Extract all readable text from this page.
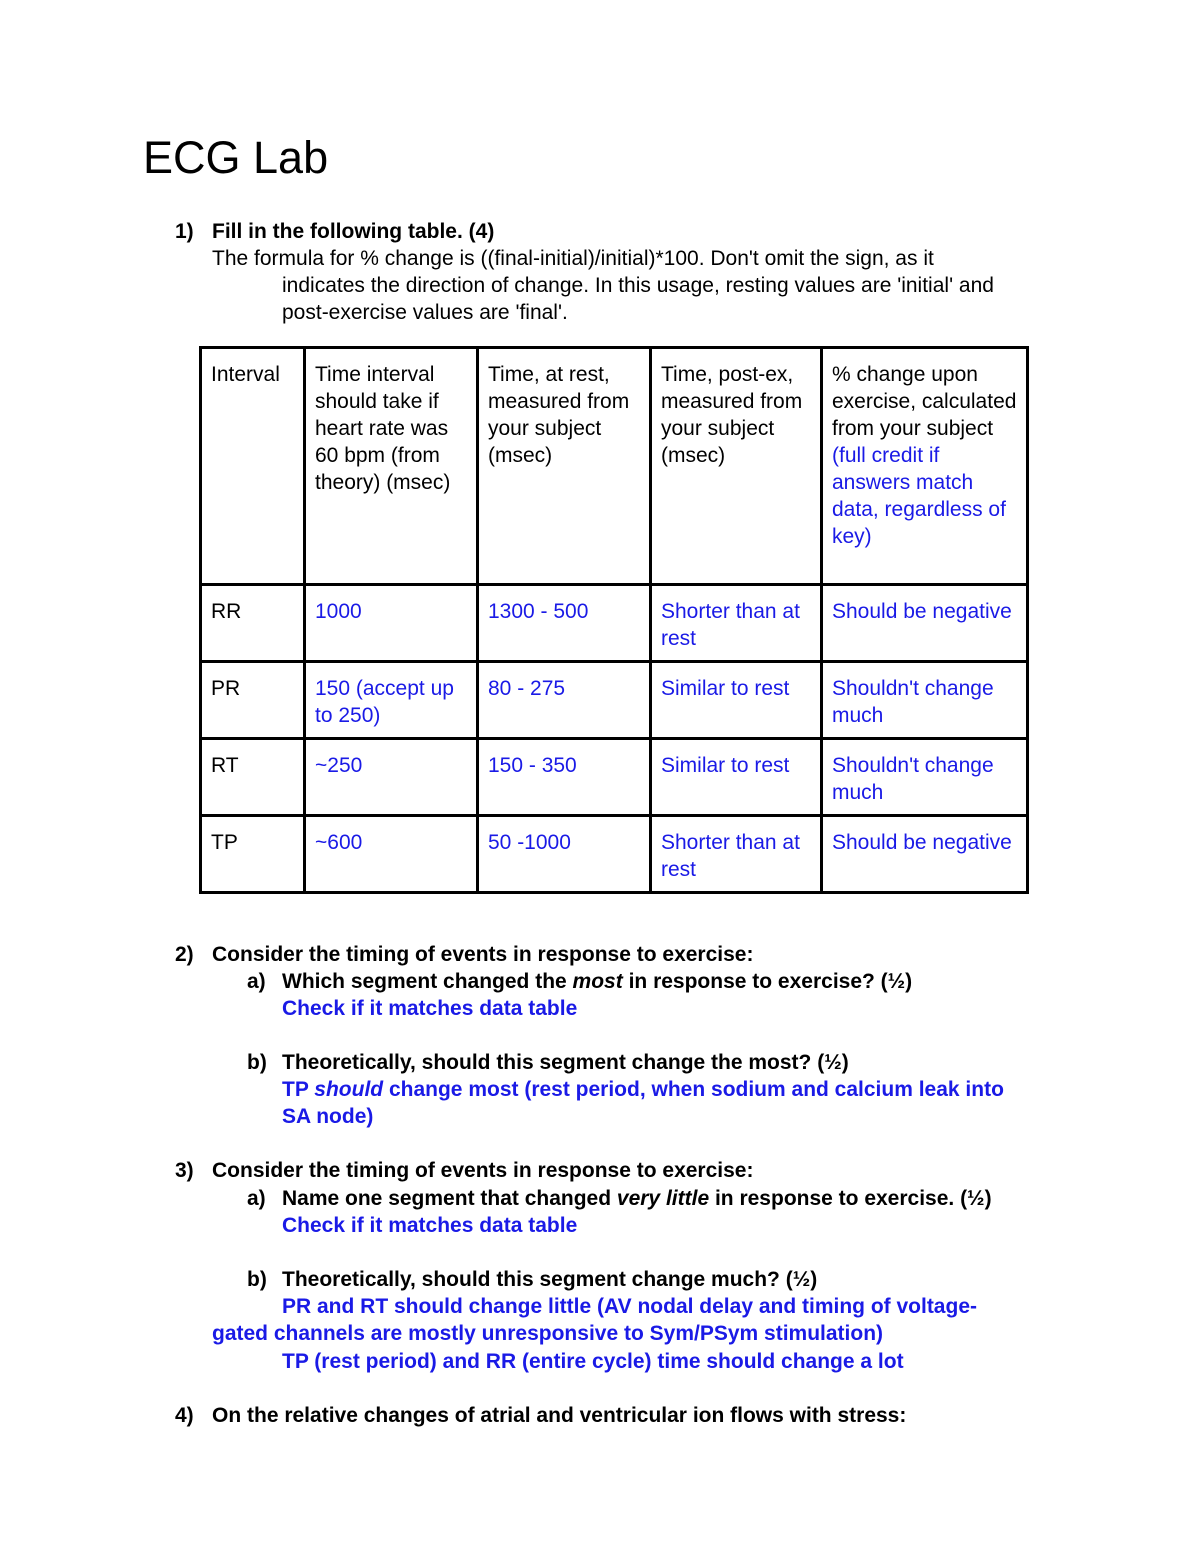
ECG Lab
1) Fill in the following table. (4)
The formula for % change is ((final-initial)/initial)*100. Don't omit the sign, as it
indicates the direction of change. In this usage, resting values are 'initial' and
post-exercise values are 'final'.
Interval	Time interval should take if heart rate was 60 bpm (from theory) (msec)	Time, at rest, measured from your subject (msec)	Time, post-ex, measured from your subject (msec)	% change upon exercise, calculated from your subject (full credit if answers match data, regardless of key)
RR	1000	1300 - 500	Shorter than at rest	Should be negative
PR	150 (accept up to 250)	80 - 275	Similar to rest	Shouldn't change much
RT	~250	150 - 350	Similar to rest	Shouldn't change much
TP	~600	50 -1000	Shorter than at rest	Should be negative
2) Consider the timing of events in response to exercise:
a) Which segment changed the most in response to exercise? (½)
Check if it matches data table
b) Theoretically, should this segment change the most? (½)
TP should change most (rest period, when sodium and calcium leak into
SA node)
3) Consider the timing of events in response to exercise:
a) Name one segment that changed very little in response to exercise. (½)
Check if it matches data table
b) Theoretically, should this segment change much? (½)
PR and RT should change little (AV nodal delay and timing of voltage-
gated channels are mostly unresponsive to Sym/PSym stimulation)
TP (rest period) and RR (entire cycle) time should change a lot
4) On the relative changes of atrial and ventricular ion flows with stress:
